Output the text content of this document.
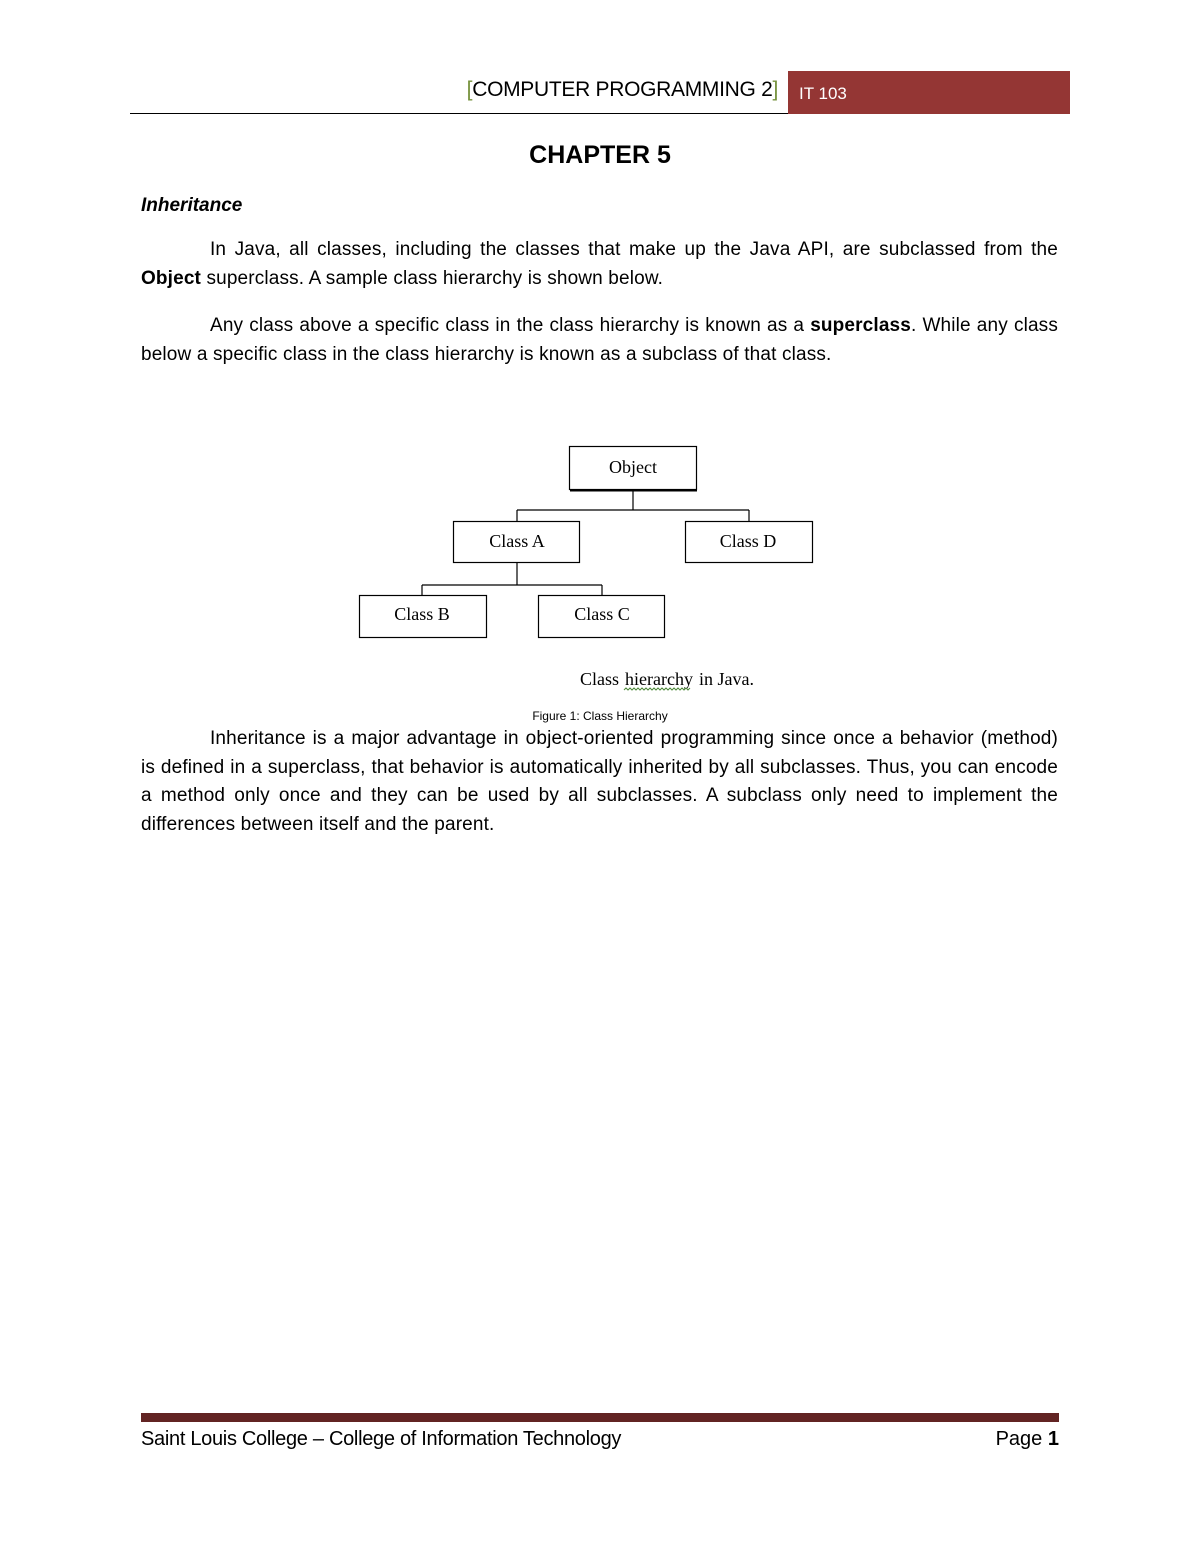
[COMPUTER PROGRAMMING 2]	IT 103
CHAPTER 5
Inheritance

In Java, all classes, including the classes that make up the Java API, are subclassed from the Object superclass. A sample class hierarchy is shown below.

Any class above a specific class in the class hierarchy is known as a superclass. While any class below a specific class in the class hierarchy is known as a subclass of that class.

Object
Class A	Class D
Class B	Class C
Class hierarchy in Java.
Figure 1: Class Hierarchy

Inheritance is a major advantage in object-oriented programming since once a behavior (method) is defined in a superclass, that behavior is automatically inherited by all subclasses. Thus, you can encode a method only once and they can be used by all subclasses. A subclass only need to implement the differences between itself and the parent.

Saint Louis College – College of Information Technology	Page 1
